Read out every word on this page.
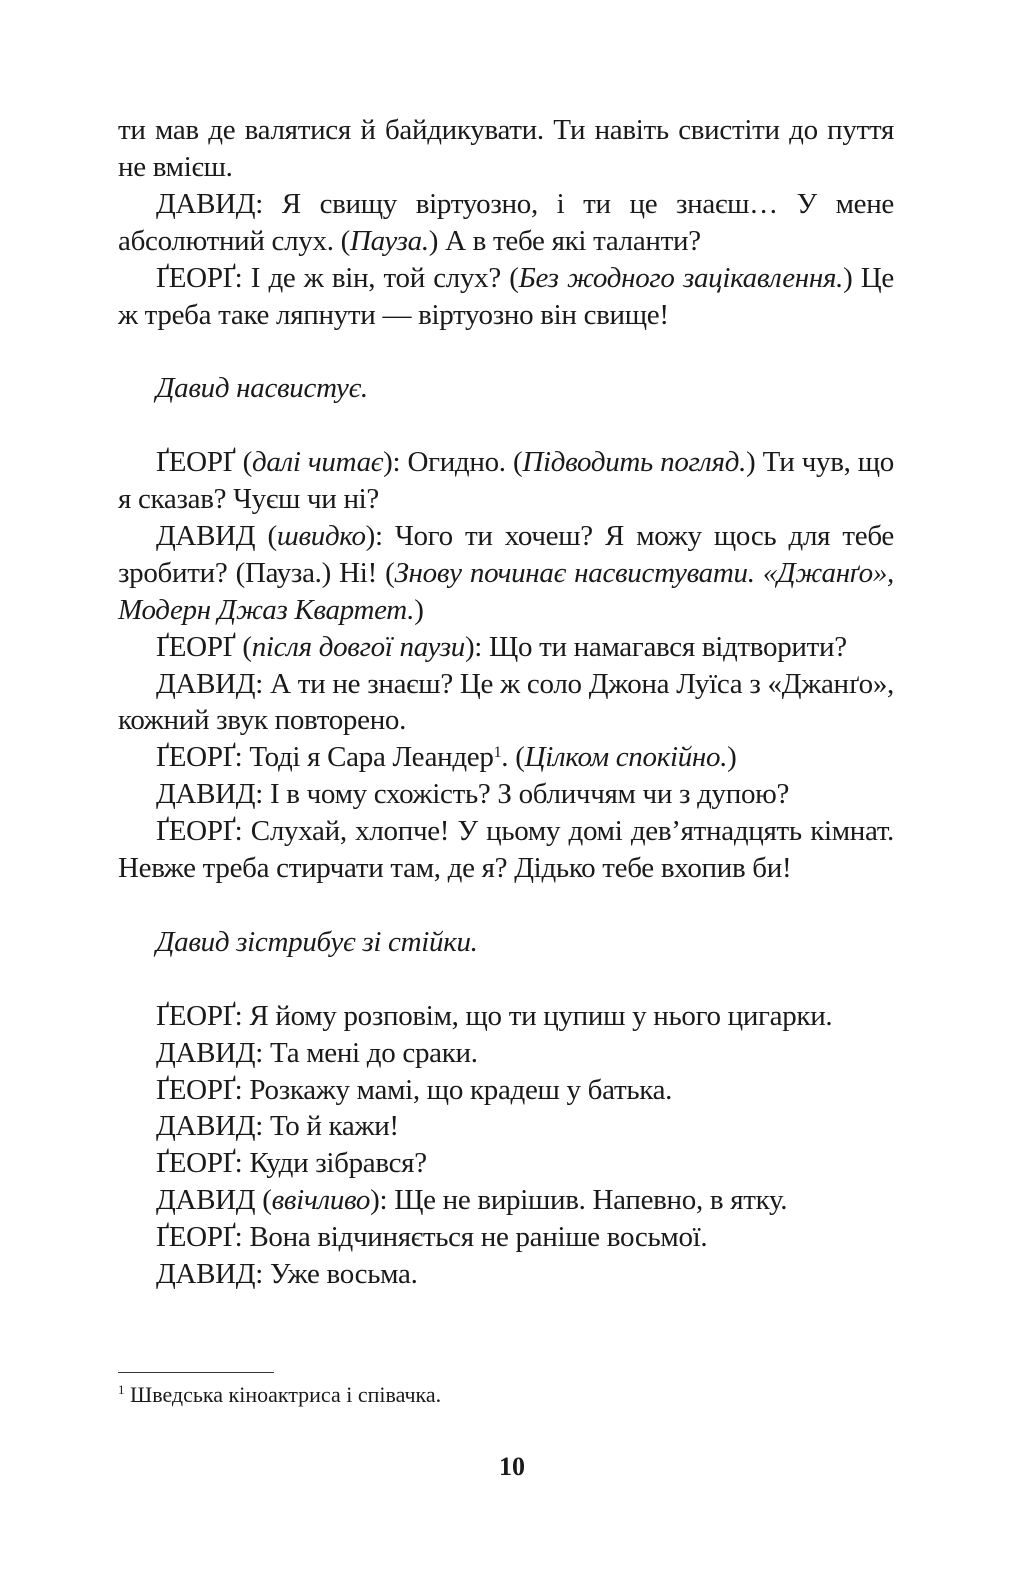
ти мав де валятися й байдикувати. Ти навіть свистіти до пуття не вмієш.

ДАВИД: Я свищу віртуозно, і ти це знаєш… У мене абсолютний слух. (Пауза.) А в тебе які таланти?

ҐЕОРҐ: І де ж він, той слух? (Без жодного зацікавлення.) Це ж треба таке ляпнути — віртуозно він свище!

Давид насвистує.

ҐЕОРҐ (далі читає): Огидно. (Підводить погляд.) Ти чув, що я сказав? Чуєш чи ні?

ДАВИД (швидко): Чого ти хочеш? Я можу щось для тебе зробити? (Пауза.) Ні! (Знову починає насвистувати. «Джанґо», Модерн Джаз Квартет.)

ҐЕОРҐ (після довгої паузи): Що ти намагався відтворити?

ДАВИД: А ти не знаєш? Це ж соло Джона Луїса з «Джанґо», кожний звук повторено.

ҐЕОРҐ: Тоді я Сара Леандер$^1$. (Цілком спокійно.)

ДАВИД: І в чому схожість? З обличчям чи з дупою?

ҐЕОРҐ: Слухай, хлопче! У цьому домі дев’ятнадцять кімнат. Невже треба стирчати там, де я? Дідько тебе вхопив би!

Давид зістрибує зі стійки.

ҐЕОРҐ: Я йому розповім, що ти цупиш у нього цигарки.

ДАВИД: Та мені до сраки.

ҐЕОРҐ: Розкажу мамі, що крадеш у батька.

ДАВИД: То й кажи!

ҐЕОРҐ: Куди зібрався?

ДАВИД (ввічливо): Ще не вирішив. Напевно, в ятку.

ҐЕОРҐ: Вона відчиняється не раніше восьмої.

ДАВИД: Уже восьма.

$^1$ Шведська кіноактриса і співачка.
10
